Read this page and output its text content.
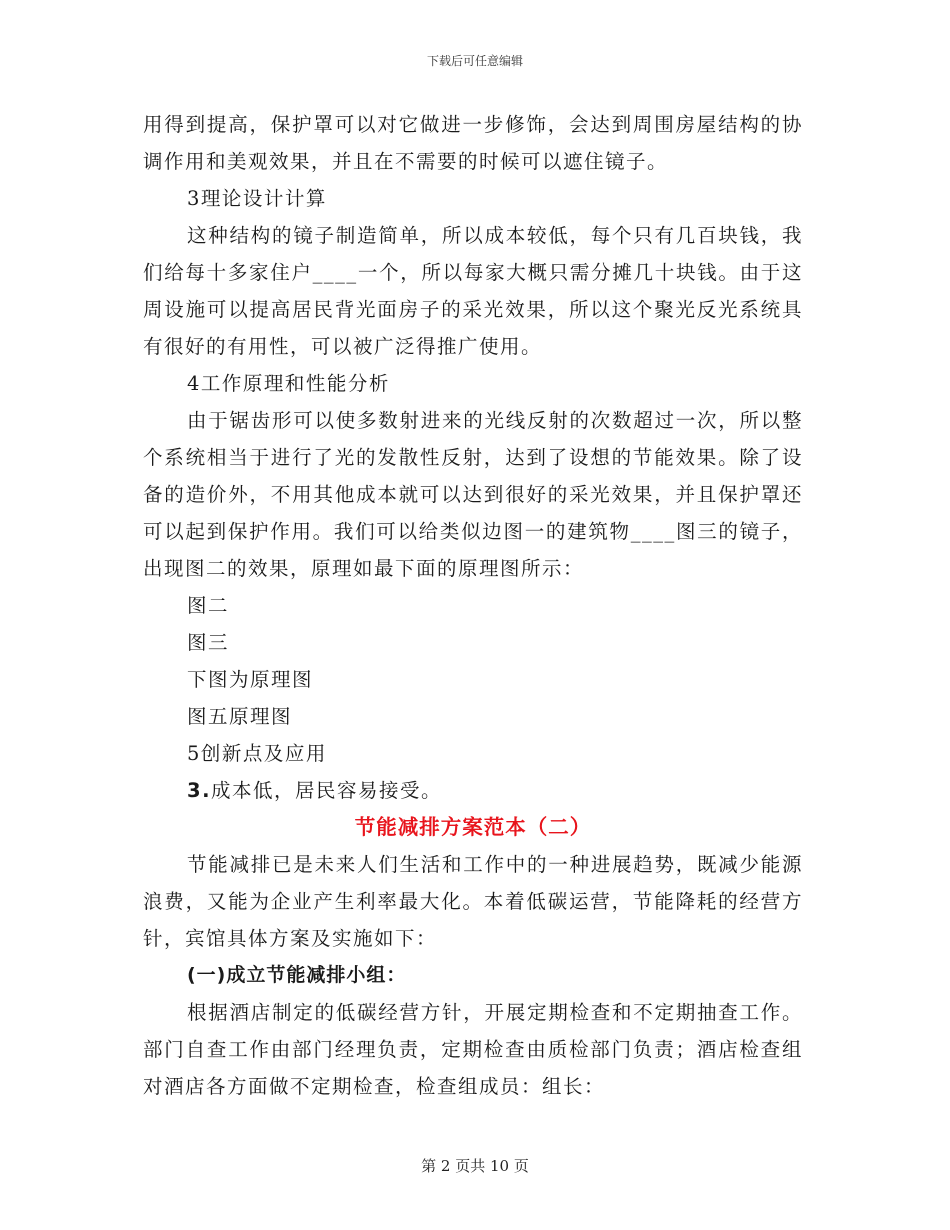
下载后可任意编辑

用得到提高，保护罩可以对它做进一步修饰，会达到周围房屋结构的协调作用和美观效果，并且在不需要的时候可以遮住镜子。

3理论设计计算

这种结构的镜子制造简单，所以成本较低，每个只有几百块钱，我们给每十多家住户____一个，所以每家大概只需分摊几十块钱。由于这周设施可以提高居民背光面房子的采光效果，所以这个聚光反光系统具有很好的有用性，可以被广泛得推广使用。

4工作原理和性能分析

由于锯齿形可以使多数射进来的光线反射的次数超过一次，所以整个系统相当于进行了光的发散性反射，达到了设想的节能效果。除了设备的造价外，不用其他成本就可以达到很好的采光效果，并且保护罩还可以起到保护作用。我们可以给类似边图一的建筑物____图三的镜子，出现图二的效果，原理如最下面的原理图所示：

图二

图三

下图为原理图

图五原理图

5创新点及应用

3.成本低，居民容易接受。

节能减排方案范本（二）

节能减排已是未来人们生活和工作中的一种进展趋势，既减少能源浪费，又能为企业产生利率最大化。本着低碳运营，节能降耗的经营方针，宾馆具体方案及实施如下：

(一)成立节能减排小组：

根据酒店制定的低碳经营方针，开展定期检查和不定期抽查工作。部门自查工作由部门经理负责，定期检查由质检部门负责；酒店检查组对酒店各方面做不定期检查，检查组成员：组长：

第 2 页共 10 页
